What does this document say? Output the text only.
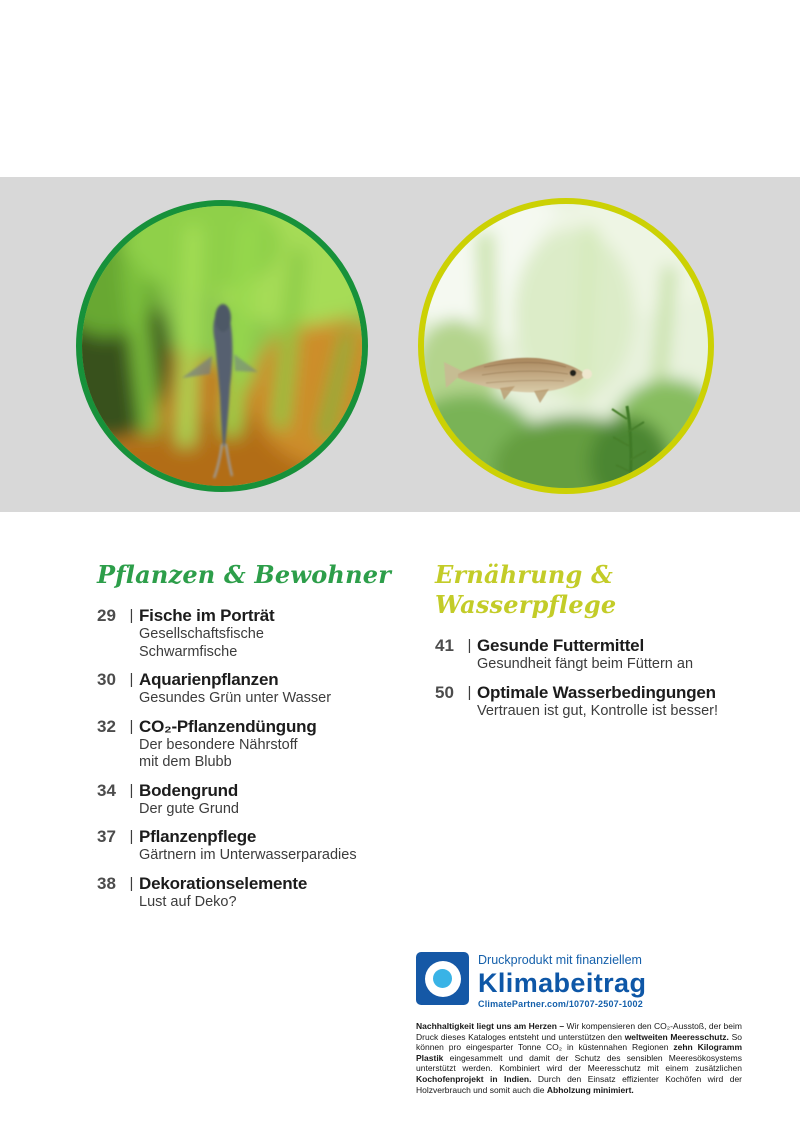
Pflanzen & Bewohner
29 | Fische im Porträt
Gesellschaftsfische
Schwarmfische
30 | Aquarienpflanzen
Gesundes Grün unter Wasser
32 | CO₂-Pflanzendüngung
Der besondere Nährstoff
mit dem Blubb
34 | Bodengrund
Der gute Grund
37 | Pflanzenpflege
Gärtnern im Unterwasserparadies
38 | Dekorationselemente
Lust auf Deko?
Ernährung & Wasserpflege
41 | Gesunde Futtermittel
Gesundheit fängt beim Füttern an
50 | Optimale Wasserbedingungen
Vertrauen ist gut, Kontrolle ist besser!
Druckprodukt mit finanziellem
Klimabeitrag
ClimatePartner.com/10707-2507-1002
Nachhaltigkeit liegt uns am Herzen – Wir kompensieren den CO₂-Ausstoß, der beim Druck dieses Kataloges entsteht und unterstützen den weltweiten Meeresschutz. So können pro eingesparter Tonne CO₂ in küstennahen Regionen zehn Kilogramm Plastik eingesammelt und damit der Schutz des sensiblen Meeresökosystems unterstützt werden. Kombiniert wird der Meeresschutz mit einem zusätzlichen Kochofenprojekt in Indien. Durch den Einsatz effizienter Kochöfen wird der Holzverbrauch und somit auch die Abholzung minimiert.
